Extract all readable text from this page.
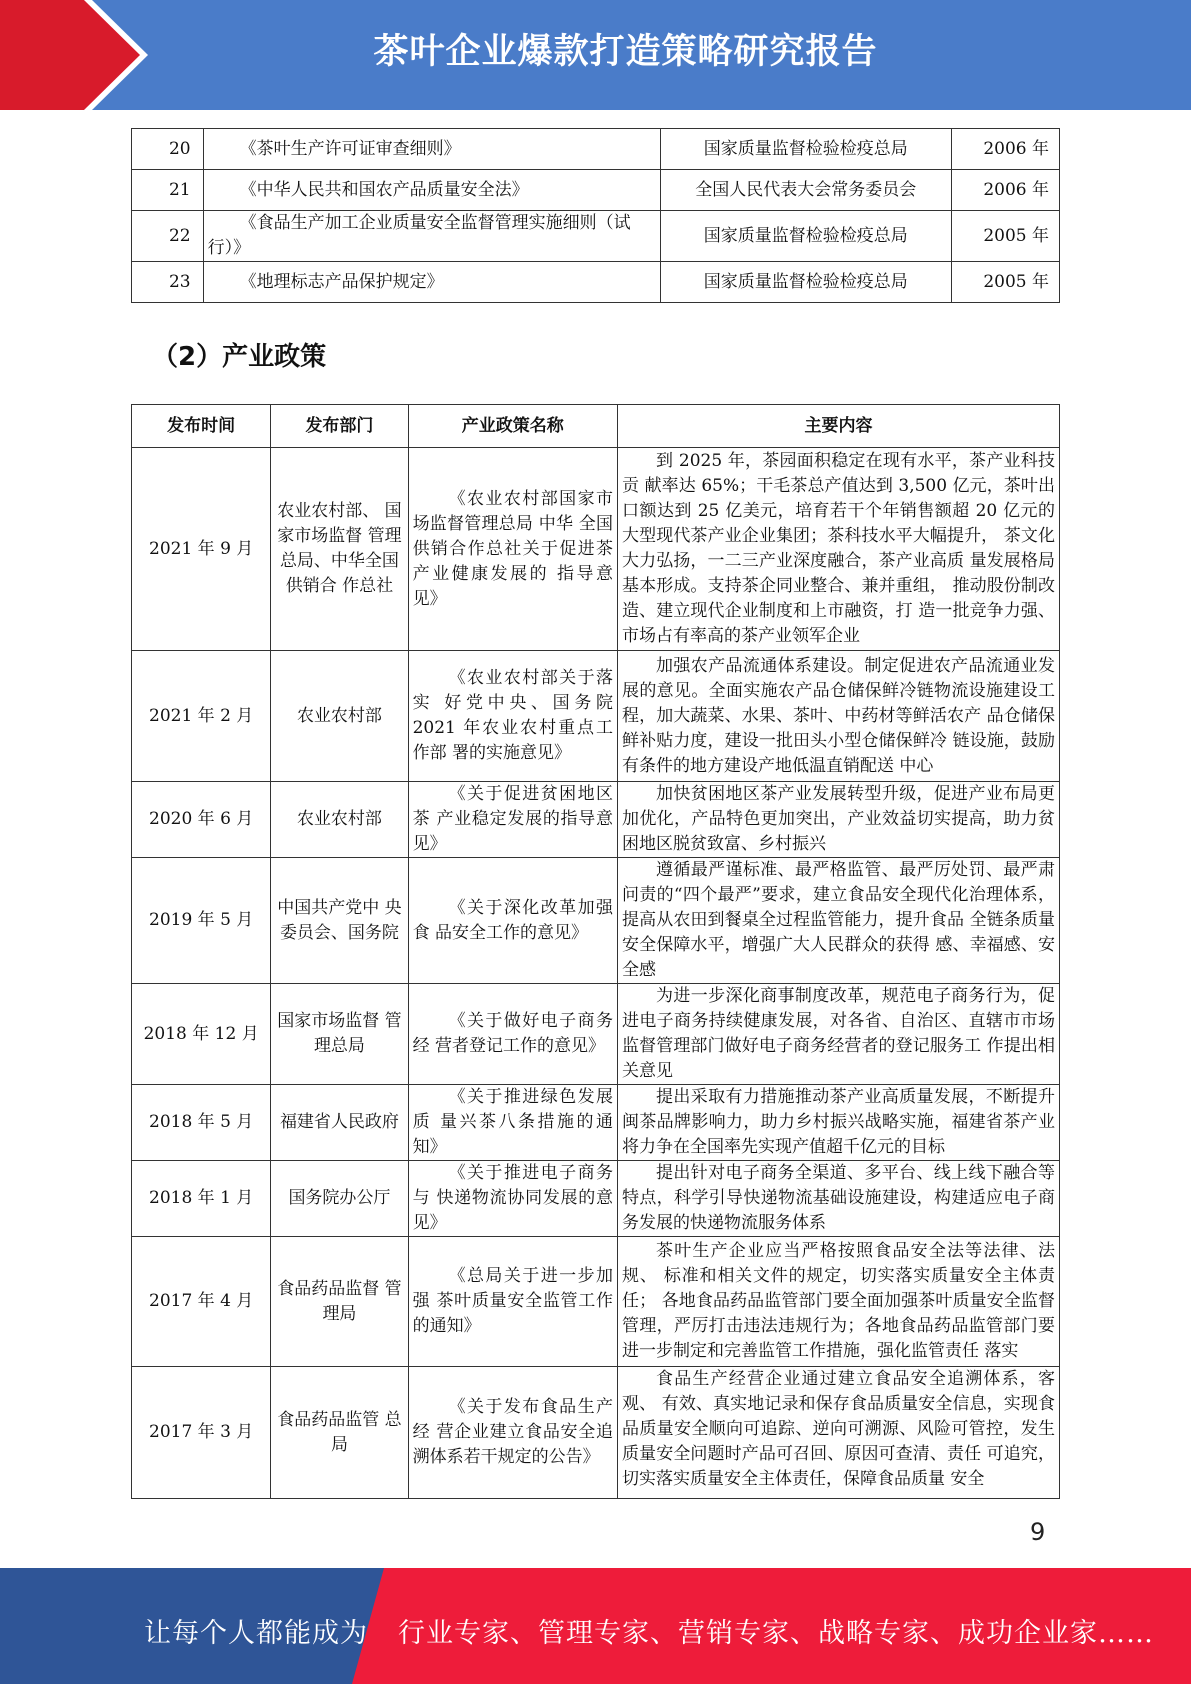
茶叶企业爆款打造策略研究报告
20	《茶叶生产许可证审查细则》	国家质量监督检验检疫总局	2006 年
21	《中华人民共和国农产品质量安全法》	全国人民代表大会常务委员会	2006 年
22	《食品生产加工企业质量安全监督管理实施细则（试行）》	国家质量监督检验检疫总局	2005 年
23	《地理标志产品保护规定》	国家质量监督检验检疫总局	2005 年
（2）产业政策
发布时间	发布部门	产业政策名称	主要内容
2021 年 9 月	农业农村部、 国家市场监督 管理总局、中华全国供销合 作总社	《农业农村部国家市场监督管理总局 中华 全国供销合作总社关于促进茶产业健康发展的 指导意见》	到 2025 年，茶园面积稳定在现有水平，茶产业科技贡 献率达 65%；干毛茶总产值达到 3,500 亿元，茶叶出口额达到 25 亿美元，培育若干个年销售额超 20 亿元的大型现代茶产业企业集团；茶科技水平大幅提升， 茶文化大力弘扬，一二三产业深度融合，茶产业高质 量发展格局基本形成。支持茶企同业整合、兼并重组， 推动股份制改造、建立现代企业制度和上市融资，打 造一批竞争力强、市场占有率高的茶产业领军企业
2021 年 2 月	农业农村部	《农业农村部关于落实 好党中央、国务院 2021 年农业农村重点工作部 署的实施意见》	加强农产品流通体系建设。制定促进农产品流通业发 展的意见。全面实施农产品仓储保鲜冷链物流设施建设工程，加大蔬菜、水果、茶叶、中药材等鲜活农产 品仓储保鲜补贴力度，建设一批田头小型仓储保鲜冷 链设施，鼓励有条件的地方建设产地低温直销配送 中心
2020 年 6 月	农业农村部	《关于促进贫困地区茶 产业稳定发展的指导意 见》	加快贫困地区茶产业发展转型升级，促进产业布局更 加优化，产品特色更加突出，产业效益切实提高，助力贫困地区脱贫致富、乡村振兴
2019 年 5 月	中国共产党中 央委员会、国务院	《关于深化改革加强食 品安全工作的意见》	遵循最严谨标准、最严格监管、最严厉处罚、最严肃 问责的“四个最严”要求，建立食品安全现代化治理体系，提高从农田到餐桌全过程监管能力，提升食品 全链条质量安全保障水平，增强广大人民群众的获得 感、幸福感、安全感
2018 年 12 月	国家市场监督 管理总局	《关于做好电子商务经 营者登记工作的意见》	为进一步深化商事制度改革，规范电子商务行为，促 进电子商务持续健康发展，对各省、自治区、直辖市市场监督管理部门做好电子商务经营者的登记服务工 作提出相关意见
2018 年 5 月	福建省人民政府	《关于推进绿色发展质 量兴茶八条措施的通知》	提出采取有力措施推动茶产业高质量发展，不断提升 闽茶品牌影响力，助力乡村振兴战略实施，福建省茶产业将力争在全国率先实现产值超千亿元的目标
2018 年 1 月	国务院办公厅	《关于推进电子商务与 快递物流协同发展的意 见》	提出针对电子商务全渠道、多平台、线上线下融合等 特点，科学引导快递物流基础设施建设，构建适应电子商务发展的快递物流服务体系
2017 年 4 月	食品药品监督 管理局	《总局关于进一步加强 茶叶质量安全监管工作 的通知》	茶叶生产企业应当严格按照食品安全法等法律、法规、 标准和相关文件的规定，切实落实质量安全主体责任； 各地食品药品监管部门要全面加强茶叶质量安全监督 管理，严厉打击违法违规行为；各地食品药品监管部门要进一步制定和完善监管工作措施，强化监管责任 落实
2017 年 3 月	食品药品监管 总局	《关于发布食品生产经 营企业建立食品安全追 溯体系若干规定的公告》	食品生产经营企业通过建立食品安全追溯体系，客观、 有效、真实地记录和保存食品质量安全信息，实现食 品质量安全顺向可追踪、逆向可溯源、风险可管控，发生质量安全问题时产品可召回、原因可查清、责任 可追究，切实落实质量安全主体责任，保障食品质量 安全
9
让每个人都能成为 行业专家、管理专家、营销专家、战略专家、成功企业家……
